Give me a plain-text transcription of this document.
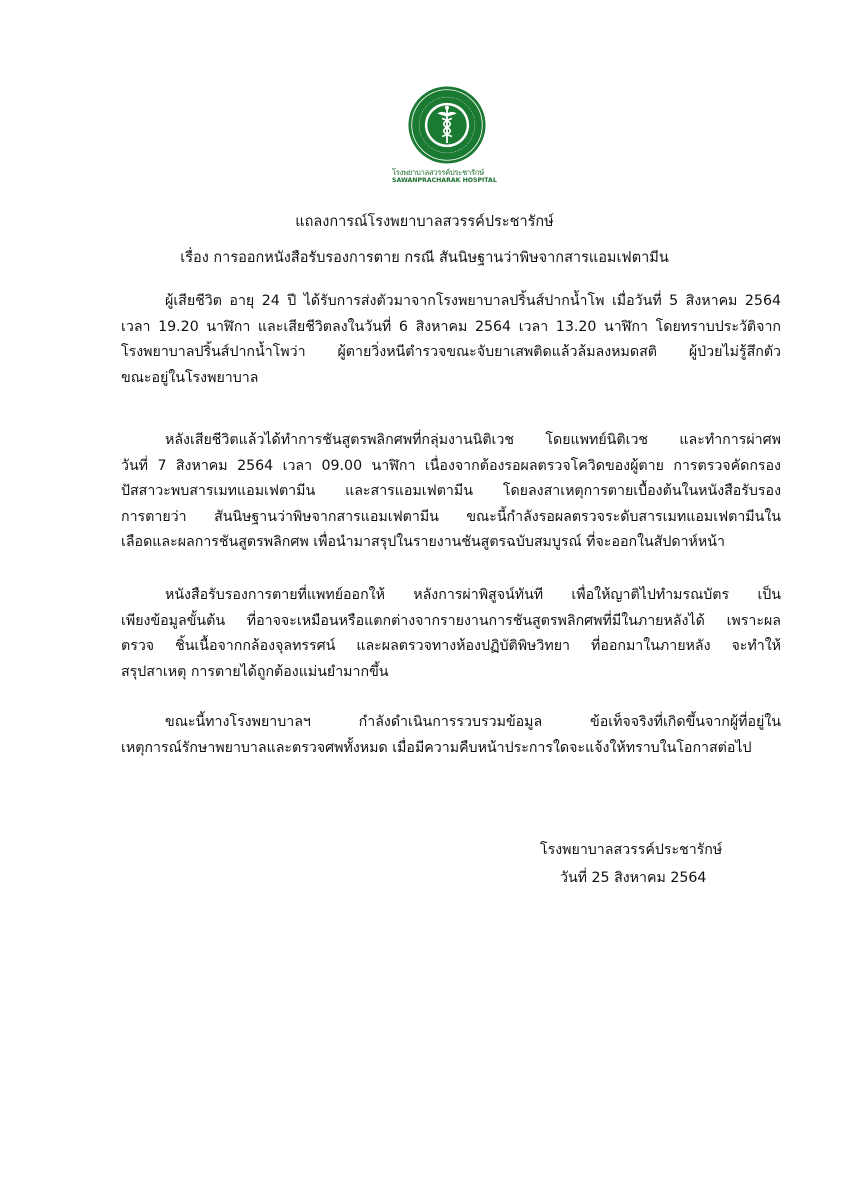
โรงพยาบาลสวรรค์ประชารักษ์
SAWANPRACHARAK HOSPITAL
แถลงการณ์โรงพยาบาลสวรรค์ประชารักษ์
เรื่อง การออกหนังสือรับรองการตาย กรณี สันนิษฐานว่าพิษจากสารแอมเฟตามีน
ผู้เสียชีวิต อายุ 24 ปี ได้รับการส่งตัวมาจากโรงพยาบาลปริ้นส์ปากน้ำโพ เมื่อวันที่ 5 สิงหาคม 2564
เวลา 19.20 นาฬิกา และเสียชีวิตลงในวันที่ 6 สิงหาคม 2564 เวลา 13.20 นาฬิกา โดยทราบประวัติจาก
โรงพยาบาลปริ้นส์ปากน้ำโพว่า ผู้ตายวิ่งหนีตำรวจขณะจับยาเสพติดแล้วล้มลงหมดสติ ผู้ป่วยไม่รู้สึกตัว
ขณะอยู่ในโรงพยาบาล
หลังเสียชีวิตแล้วได้ทำการชันสูตรพลิกศพที่กลุ่มงานนิติเวช โดยแพทย์นิติเวช และทำการผ่าศพ
วันที่ 7 สิงหาคม 2564 เวลา 09.00 นาฬิกา เนื่องจากต้องรอผลตรวจโควิดของผู้ตาย การตรวจคัดกรอง
ปัสสาวะพบสารเมทแอมเฟตามีน และสารแอมเฟตามีน โดยลงสาเหตุการตายเบื้องต้นในหนังสือรับรอง
การตายว่า สันนิษฐานว่าพิษจากสารแอมเฟตามีน ขณะนี้กำลังรอผลตรวจระดับสารเมทแอมเฟตามีนใน
เลือดและผลการชันสูตรพลิกศพ เพื่อนำมาสรุปในรายงานชันสูตรฉบับสมบูรณ์ ที่จะออกในสัปดาห์หน้า
หนังสือรับรองการตายที่แพทย์ออกให้ หลังการผ่าพิสูจน์ทันที เพื่อให้ญาติไปทำมรณบัตร เป็น
เพียงข้อมูลขั้นต้น ที่อาจจะเหมือนหรือแตกต่างจากรายงานการชันสูตรพลิกศพที่มีในภายหลังได้ เพราะผล
ตรวจ ชิ้นเนื้อจากกล้องจุลทรรศน์ และผลตรวจทางห้องปฏิบัติพิษวิทยา ที่ออกมาในภายหลัง จะทำให้
สรุปสาเหตุ การตายได้ถูกต้องแม่นยำมากขึ้น
ขณะนี้ทางโรงพยาบาลฯ กำลังดำเนินการรวบรวมข้อมูล ข้อเท็จจริงที่เกิดขึ้นจากผู้ที่อยู่ใน
เหตุการณ์รักษาพยาบาลและตรวจศพทั้งหมด เมื่อมีความคืบหน้าประการใดจะแจ้งให้ทราบในโอกาสต่อไป
โรงพยาบาลสวรรค์ประชารักษ์
วันที่ 25 สิงหาคม 2564
